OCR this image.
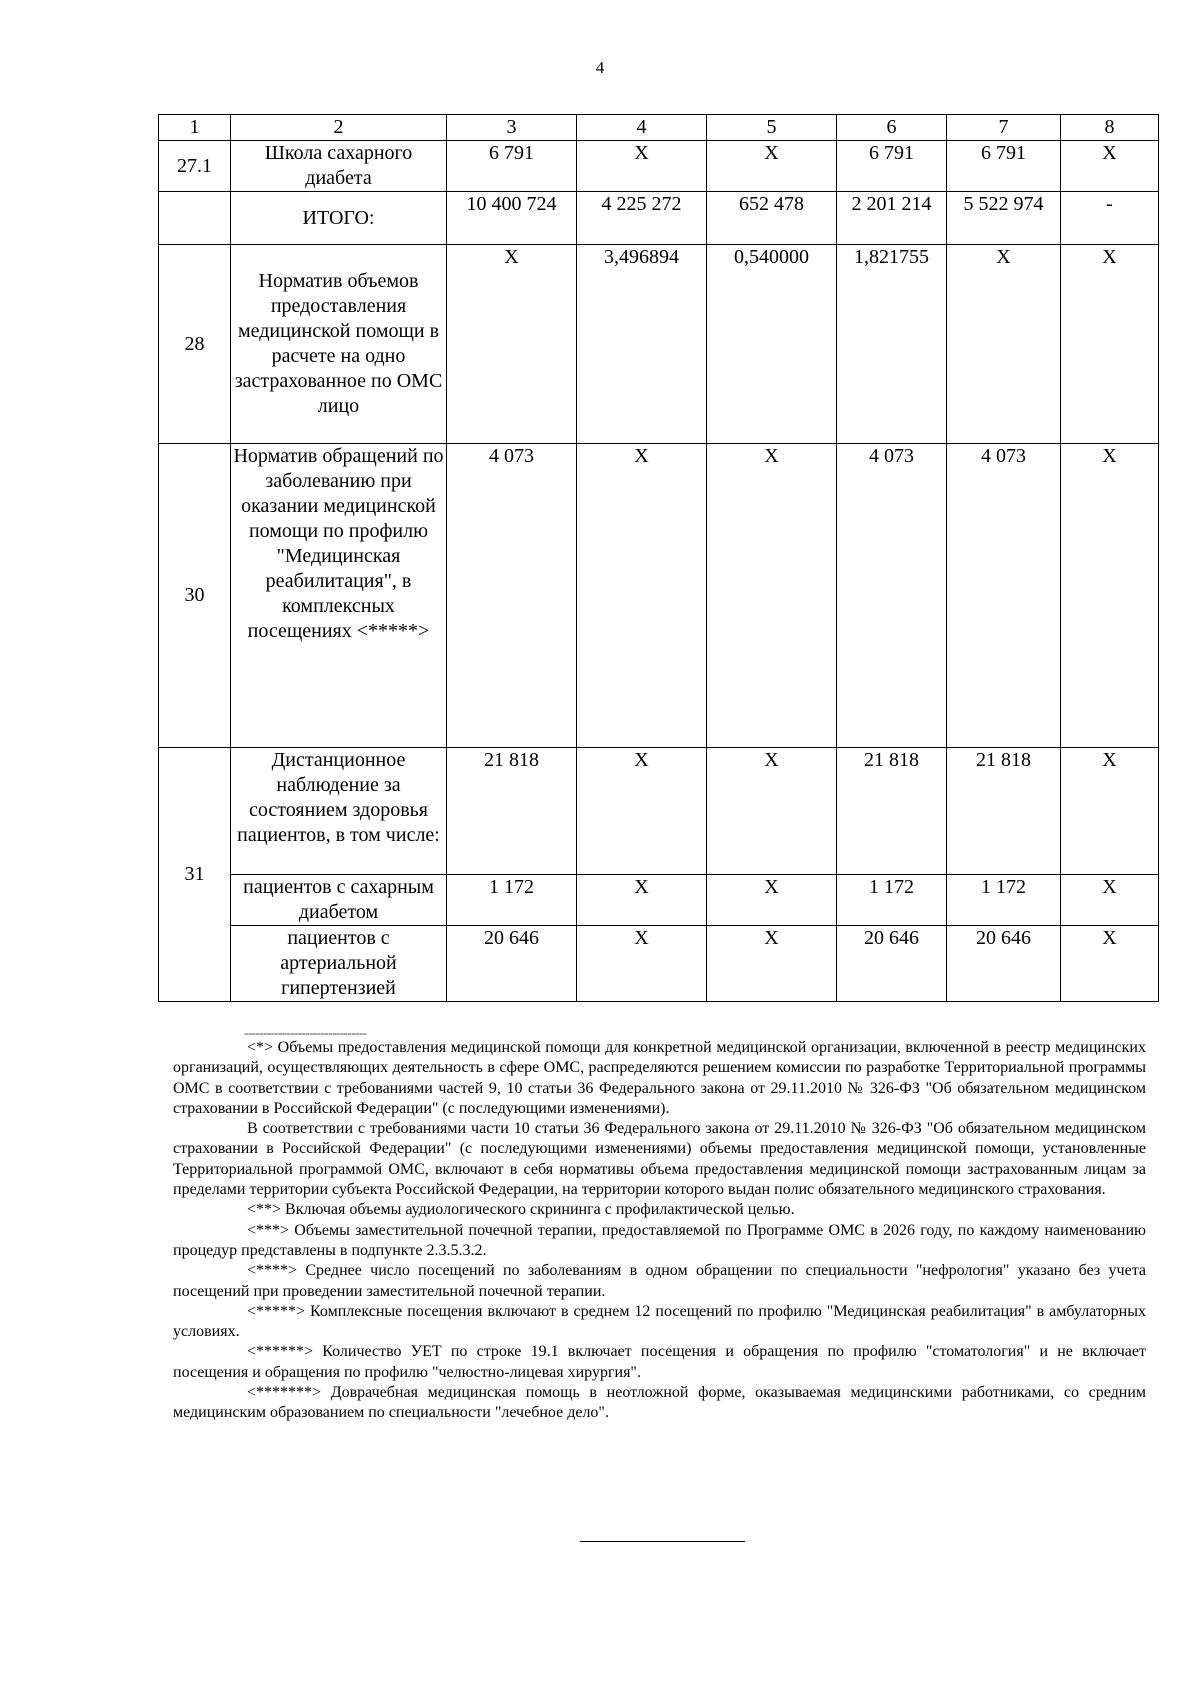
4
1	2	3	4	5	6	7	8
27.1	Школа сахарного диабета	6 791	Х	Х	6 791	6 791	Х
	ИТОГО:	10 400 724	4 225 272	652 478	2 201 214	5 522 974	-
28	Норматив объемов предоставления медицинской помощи в расчете на одно застрахованное по ОМС лицо	Х	3,496894	0,540000	1,821755	Х	Х
30	Норматив обращений по заболеванию при оказании медицинской помощи по профилю "Медицинская реабилитация", в комплексных посещениях <*****>	4 073	Х	Х	4 073	4 073	Х
31	Дистанционное наблюдение за состоянием здоровья пациентов, в том числе:	21 818	Х	Х	21 818	21 818	Х
	пациентов с сахарным диабетом	1 172	Х	Х	1 172	1 172	Х
	пациентов с артериальной гипертензией	20 646	Х	Х	20 646	20 646	Х
--------------------------------

<*> Объемы предоставления медицинской помощи для конкретной медицинской организации, включенной в реестр медицинских организаций, осуществляющих деятельность в сфере ОМС, распределяются решением комиссии по разработке Территориальной программы ОМС в соответствии с требованиями частей 9, 10 статьи 36 Федерального закона от 29.11.2010 № 326-ФЗ "Об обязательном медицинском страховании в Российской Федерации" (с последующими изменениями).

В соответствии с требованиями части 10 статьи 36 Федерального закона от 29.11.2010 № 326-ФЗ "Об обязательном медицинском страховании в Российской Федерации" (с последующими изменениями) объемы предоставления медицинской помощи, установленные Территориальной программой ОМС, включают в себя нормативы объема предоставления медицинской помощи застрахованным лицам за пределами территории субъекта Российской Федерации, на территории которого выдан полис обязательного медицинского страхования.

<**> Включая объемы аудиологического скрининга с профилактической целью.

<***> Объемы заместительной почечной терапии, предоставляемой по Программе ОМС в 2026 году, по каждому наименованию процедур представлены в подпункте 2.3.5.3.2.

<****> Среднее число посещений по заболеваниям в одном обращении по специальности "нефрология" указано без учета посещений при проведении заместительной почечной терапии.

<*****> Комплексные посещения включают в среднем 12 посещений по профилю "Медицинская реабилитация" в амбулаторных условиях.

<******> Количество УЕТ по строке 19.1 включает посещения и обращения по профилю "стоматология" и не включает посещения и обращения по профилю "челюстно-лицевая хирургия".

<*******> Доврачебная медицинская помощь в неотложной форме, оказываемая медицинскими работниками, со средним медицинским образованием по специальности "лечебное дело".
